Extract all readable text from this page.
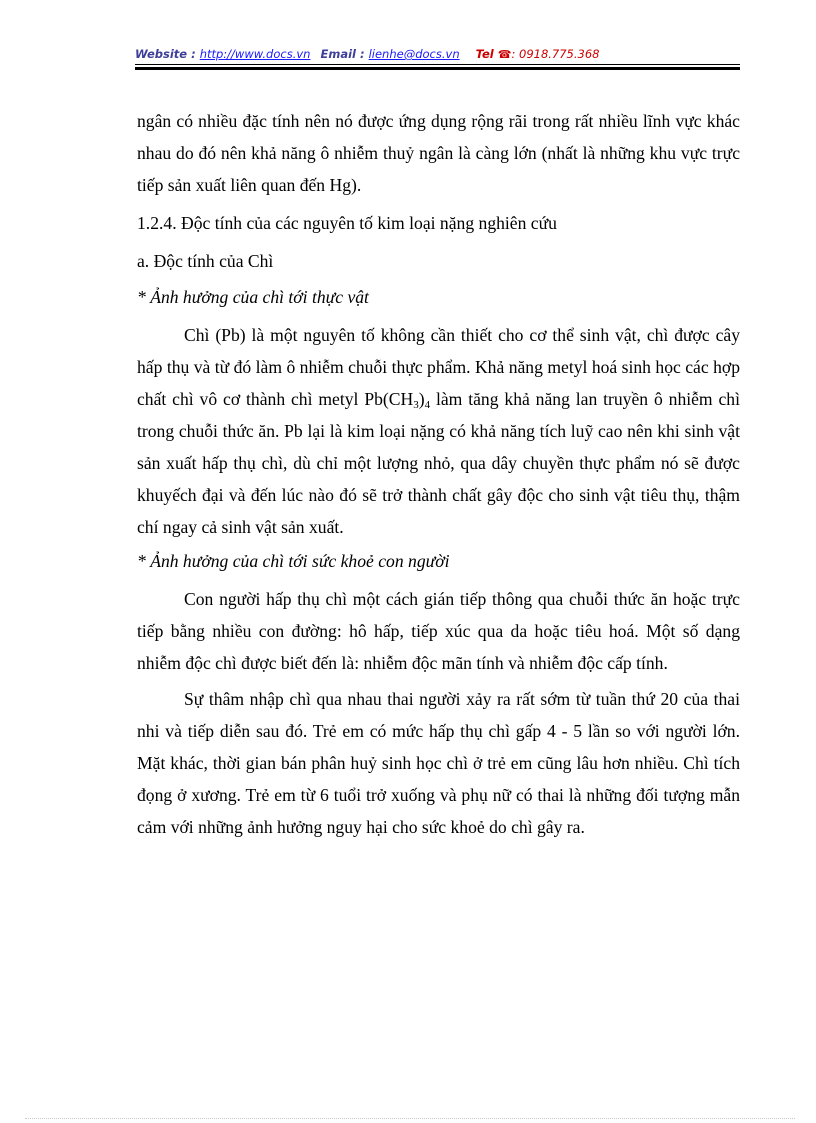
Website : http://www.docs.vn Email : lienhe@docs.vn Tel ☎: 0918.775.368

ngân có nhiều đặc tính nên nó được ứng dụng rộng rãi trong rất nhiều lĩnh vực khác nhau do đó nên khả năng ô nhiễm thuỷ ngân là càng lớn (nhất là những khu vực trực tiếp sản xuất liên quan đến Hg).

1.2.4. Độc tính của các nguyên tố kim loại nặng nghiên cứu

a. Độc tính của Chì

* Ảnh hưởng của chì tới thực vật

Chì (Pb) là một nguyên tố không cần thiết cho cơ thể sinh vật, chì được cây hấp thụ và từ đó làm ô nhiễm chuỗi thực phẩm. Khả năng metyl hoá sinh học các hợp chất chì vô cơ thành chì metyl $Pb(CH_3)_4$ làm tăng khả năng lan truyền ô nhiễm chì trong chuỗi thức ăn. Pb lại là kim loại nặng có khả năng tích luỹ cao nên khi sinh vật sản xuất hấp thụ chì, dù chỉ một lượng nhỏ, qua dây chuyền thực phẩm nó sẽ được khuyếch đại và đến lúc nào đó sẽ trở thành chất gây độc cho sinh vật tiêu thụ, thậm chí ngay cả sinh vật sản xuất.

* Ảnh hưởng của chì tới sức khoẻ con người

Con người hấp thụ chì một cách gián tiếp thông qua chuỗi thức ăn hoặc trực tiếp bằng nhiều con đường: hô hấp, tiếp xúc qua da hoặc tiêu hoá. Một số dạng nhiễm độc chì được biết đến là: nhiễm độc mãn tính và nhiễm độc cấp tính.

Sự thâm nhập chì qua nhau thai người xảy ra rất sớm từ tuần thứ 20 của thai nhi và tiếp diễn sau đó. Trẻ em có mức hấp thụ chì gấp 4 - 5 lần so với người lớn. Mặt khác, thời gian bán phân huỷ sinh học chì ở trẻ em cũng lâu hơn nhiều. Chì tích đọng ở xương. Trẻ em từ 6 tuổi trở xuống và phụ nữ có thai là những đối tượng mẫn cảm với những ảnh hưởng nguy hại cho sức khoẻ do chì gây ra.
